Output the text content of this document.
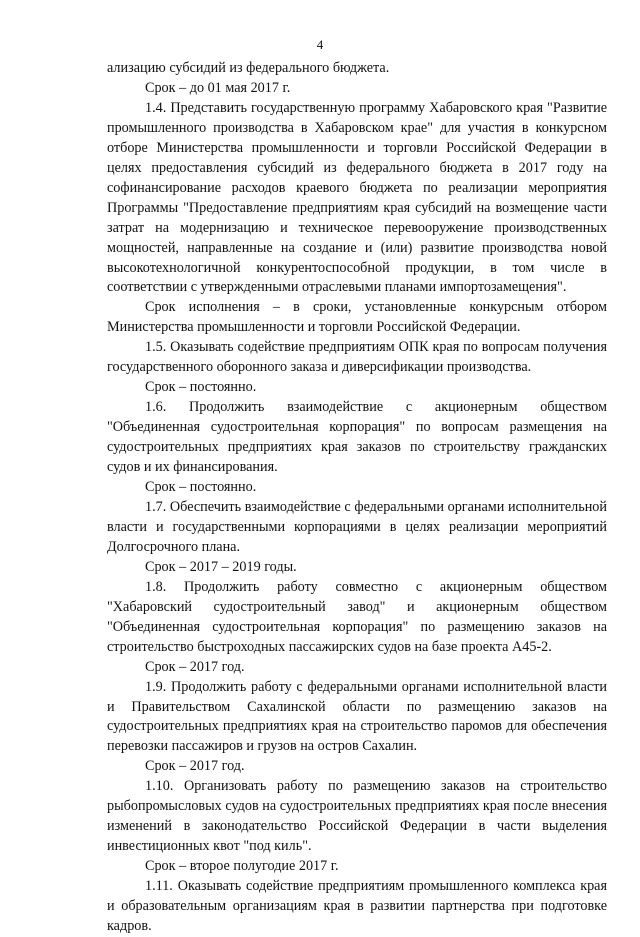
4

ализацию субсидий из федерального бюджета.

Срок – до 01 мая 2017 г.

1.4. Представить государственную программу Хабаровского края "Развитие промышленного производства в Хабаровском крае" для участия в конкурсном отборе Министерства промышленности и торговли Российской Федерации в целях предоставления субсидий из федерального бюджета в 2017 году на софинансирование расходов краевого бюджета по реализации мероприятия Программы "Предоставление предприятиям края субсидий на возмещение части затрат на модернизацию и техническое перевооружение производственных мощностей, направленные на создание и (или) развитие производства новой высокотехнологичной конкурентоспособной продукции, в том числе в соответствии с утвержденными отраслевыми планами импортозамещения".

Срок исполнения – в сроки, установленные конкурсным отбором Министерства промышленности и торговли Российской Федерации.

1.5. Оказывать содействие предприятиям ОПК края по вопросам получения государственного оборонного заказа и диверсификации производства.

Срок – постоянно.

1.6. Продолжить взаимодействие с акционерным обществом "Объединенная судостроительная корпорация" по вопросам размещения на судостроительных предприятиях края заказов по строительству гражданских судов и их финансирования.

Срок – постоянно.

1.7. Обеспечить взаимодействие с федеральными органами исполнительной власти и государственными корпорациями в целях реализации мероприятий Долгосрочного плана.

Срок – 2017 – 2019 годы.

1.8. Продолжить работу совместно с акционерным обществом "Хабаровский судостроительный завод" и акционерным обществом "Объединенная судостроительная корпорация" по размещению заказов на строительство быстроходных пассажирских судов на базе проекта А45-2.

Срок – 2017 год.

1.9. Продолжить работу с федеральными органами исполнительной власти и Правительством Сахалинской области по размещению заказов на судостроительных предприятиях края на строительство паромов для обеспечения перевозки пассажиров и грузов на остров Сахалин.

Срок – 2017 год.

1.10. Организовать работу по размещению заказов на строительство рыбопромысловых судов на судостроительных предприятиях края после внесения изменений в законодательство Российской Федерации в части выделения инвестиционных квот "под киль".

Срок – второе полугодие 2017 г.

1.11. Оказывать содействие предприятиям промышленного комплекса края и образовательным организациям края в развитии партнерства при подготовке кадров.
